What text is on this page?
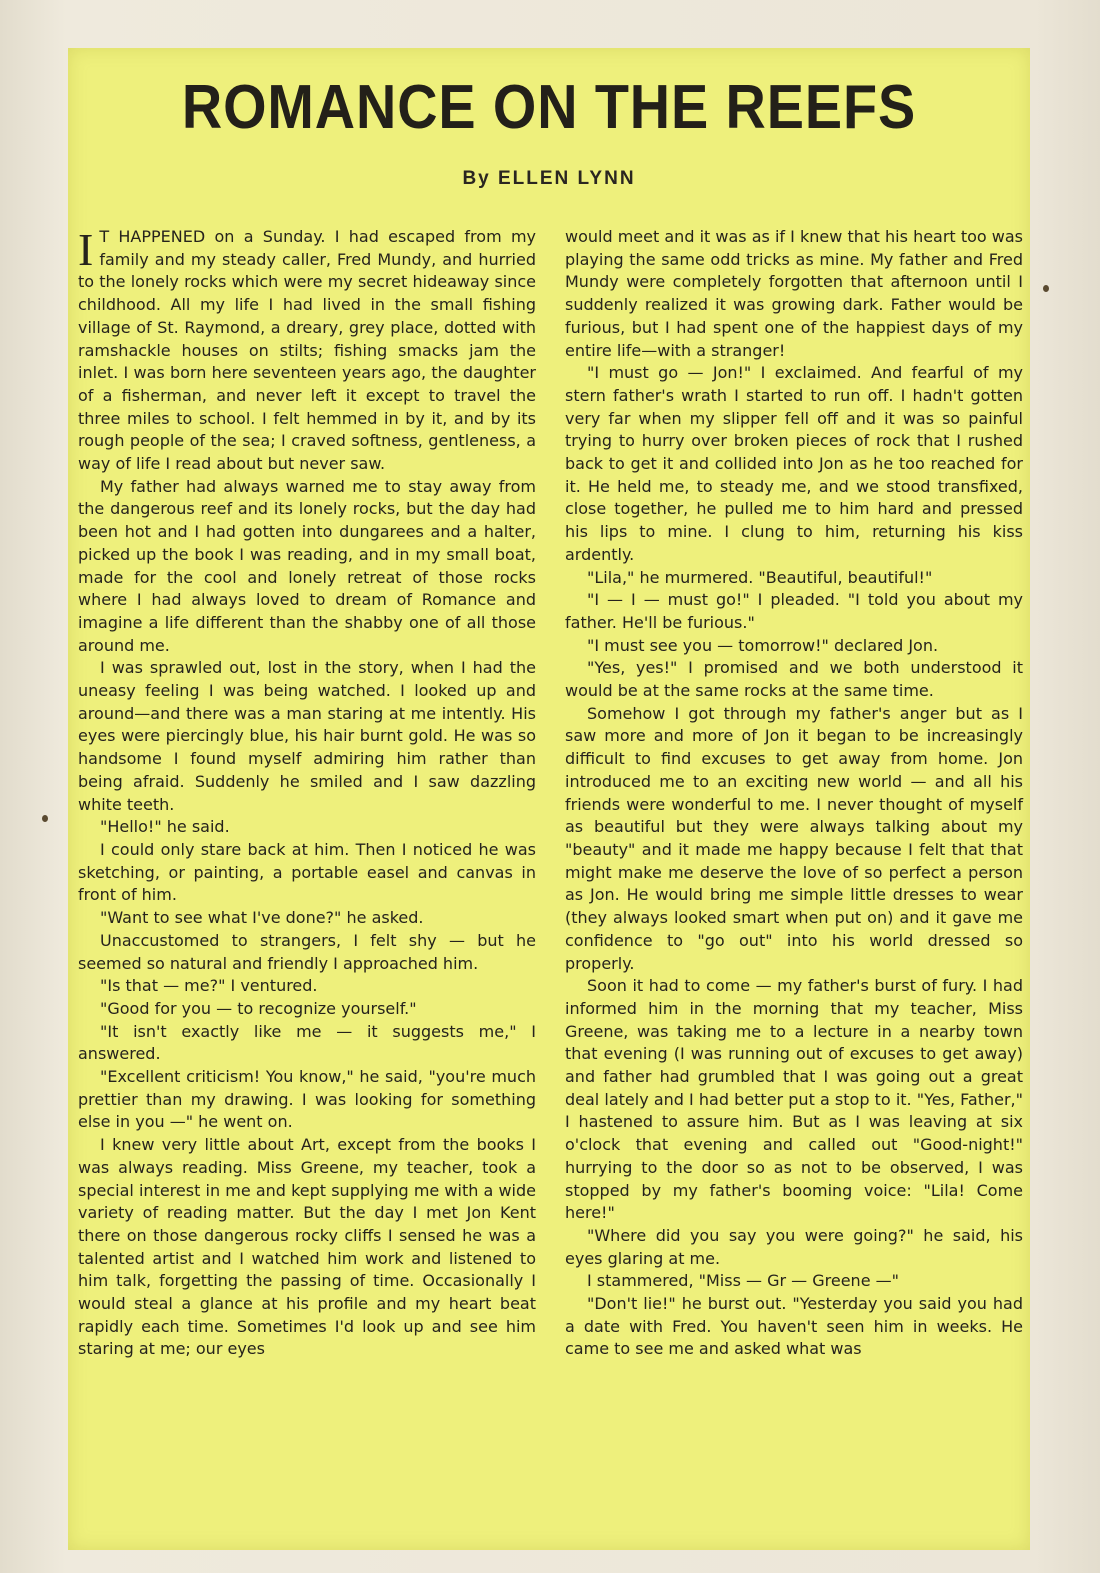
ROMANCE ON THE REEFS
By ELLEN LYNN

I T HAPPENED on a Sunday. I had escaped from my family and my steady caller, Fred Mundy, and hurried to the lonely rocks which were my secret hideaway since childhood. All my life I had lived in the small fishing village of St. Raymond, a dreary, grey place, dotted with ramshackle houses on stilts; fishing smacks jam the inlet. I was born here seventeen years ago, the daughter of a fisherman, and never left it except to travel the three miles to school. I felt hemmed in by it, and by its rough people of the sea; I craved softness, gentleness, a way of life I read about but never saw.

My father had always warned me to stay away from the dangerous reef and its lonely rocks, but the day had been hot and I had gotten into dungarees and a halter, picked up the book I was reading, and in my small boat, made for the cool and lonely retreat of those rocks where I had always loved to dream of Romance and imagine a life different than the shabby one of all those around me.

I was sprawled out, lost in the story, when I had the uneasy feeling I was being watched. I looked up and around—and there was a man staring at me intently. His eyes were piercingly blue, his hair burnt gold. He was so handsome I found myself admiring him rather than being afraid. Suddenly he smiled and I saw dazzling white teeth.

"Hello!" he said.

I could only stare back at him. Then I noticed he was sketching, or painting, a portable easel and canvas in front of him.

"Want to see what I've done?" he asked.

Unaccustomed to strangers, I felt shy — but he seemed so natural and friendly I approached him.

"Is that — me?" I ventured.

"Good for you — to recognize yourself."

"It isn't exactly like me — it suggests me," I answered.

"Excellent criticism! You know," he said, "you're much prettier than my drawing. I was looking for something else in you —" he went on.

I knew very little about Art, except from the books I was always reading. Miss Greene, my teacher, took a special interest in me and kept supplying me with a wide variety of reading matter. But the day I met Jon Kent there on those dangerous rocky cliffs I sensed he was a talented artist and I watched him work and listened to him talk, forgetting the passing of time. Occasionally I would steal a glance at his profile and my heart beat rapidly each time. Sometimes I'd look up and see him staring at me; our eyes

would meet and it was as if I knew that his heart too was playing the same odd tricks as mine. My father and Fred Mundy were completely forgotten that afternoon until I suddenly realized it was growing dark. Father would be furious, but I had spent one of the happiest days of my entire life—with a stranger!

"I must go — Jon!" I exclaimed. And fearful of my stern father's wrath I started to run off. I hadn't gotten very far when my slipper fell off and it was so painful trying to hurry over broken pieces of rock that I rushed back to get it and collided into Jon as he too reached for it. He held me, to steady me, and we stood transfixed, close together, he pulled me to him hard and pressed his lips to mine. I clung to him, returning his kiss ardently.

"Lila," he murmered. "Beautiful, beautiful!"

"I — I — must go!" I pleaded. "I told you about my father. He'll be furious."

"I must see you — tomorrow!" declared Jon.

"Yes, yes!" I promised and we both understood it would be at the same rocks at the same time.

Somehow I got through my father's anger but as I saw more and more of Jon it began to be increasingly difficult to find excuses to get away from home. Jon introduced me to an exciting new world — and all his friends were wonderful to me. I never thought of myself as beautiful but they were always talking about my "beauty" and it made me happy because I felt that that might make me deserve the love of so perfect a person as Jon. He would bring me simple little dresses to wear (they always looked smart when put on) and it gave me confidence to "go out" into his world dressed so properly.

Soon it had to come — my father's burst of fury. I had informed him in the morning that my teacher, Miss Greene, was taking me to a lecture in a nearby town that evening (I was running out of excuses to get away) and father had grumbled that I was going out a great deal lately and I had better put a stop to it. "Yes, Father," I hastened to assure him. But as I was leaving at six o'clock that evening and called out "Good-night!" hurrying to the door so as not to be observed, I was stopped by my father's booming voice: "Lila! Come here!"

"Where did you say you were going?" he said, his eyes glaring at me.

I stammered, "Miss — Gr — Greene —"

"Don't lie!" he burst out. "Yesterday you said you had a date with Fred. You haven't seen him in weeks. He came to see me and asked what was
